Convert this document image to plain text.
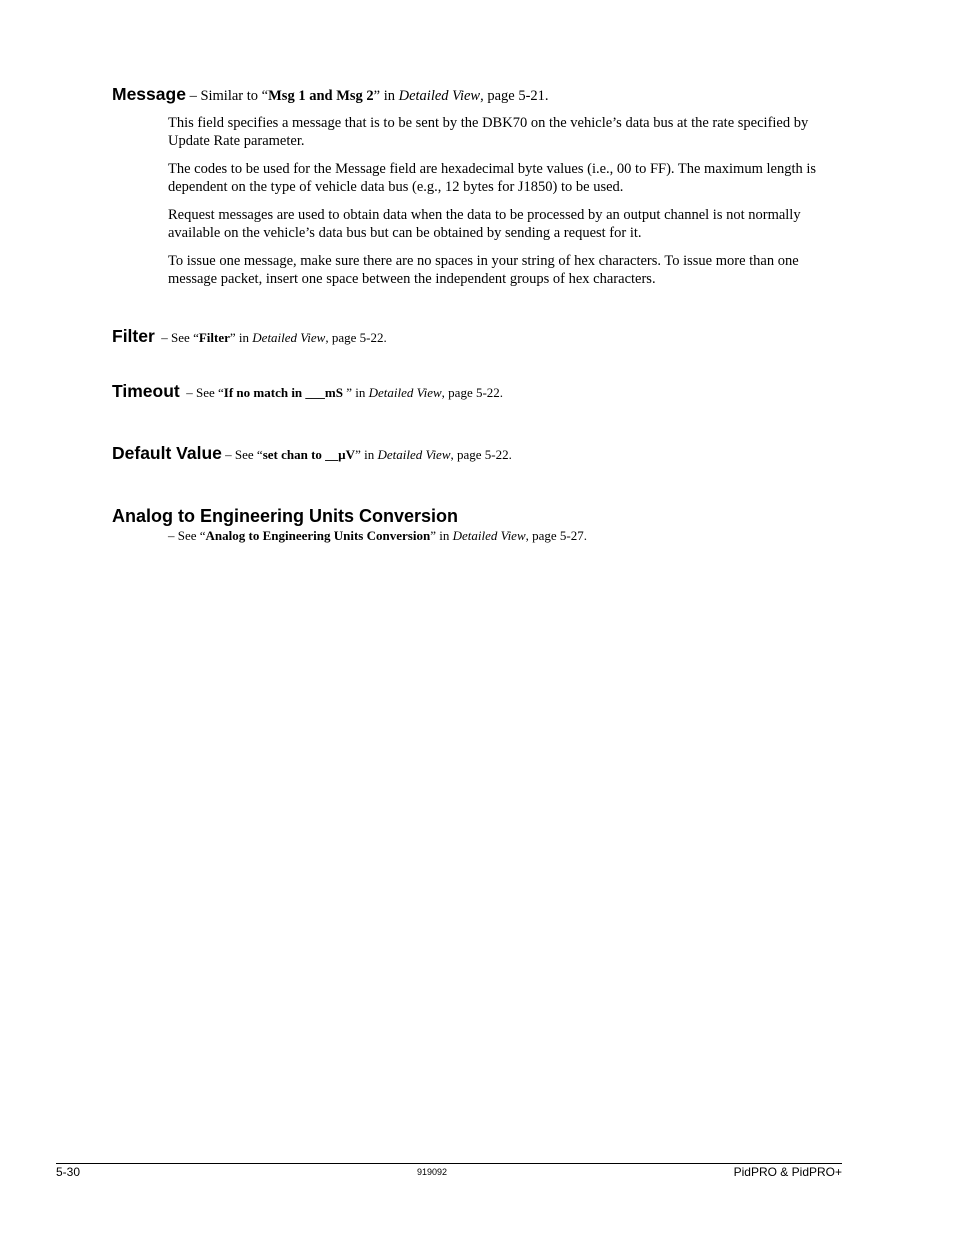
Message – Similar to “Msg 1 and Msg 2” in Detailed View, page 5-21.

This field specifies a message that is to be sent by the DBK70 on the vehicle’s data bus at the rate specified by Update Rate parameter.

The codes to be used for the Message field are hexadecimal byte values (i.e., 00 to FF). The maximum length is dependent on the type of vehicle data bus (e.g., 12 bytes for J1850) to be used.

Request messages are used to obtain data when the data to be processed by an output channel is not normally available on the vehicle’s data bus but can be obtained by sending a request for it.

To issue one message, make sure there are no spaces in your string of hex characters. To issue more than one message packet, insert one space between the independent groups of hex characters.

Filter  – See “Filter” in Detailed View, page 5-22.
Timeout  – See “If no match in ___mS ” in Detailed View, page 5-22.
Default Value – See “set chan to __µV” in Detailed View, page 5-22.
Analog to Engineering Units Conversion
– See “Analog to Engineering Units Conversion” in Detailed View, page 5-27.
5-30	919092	PidPRO & PidPRO+
